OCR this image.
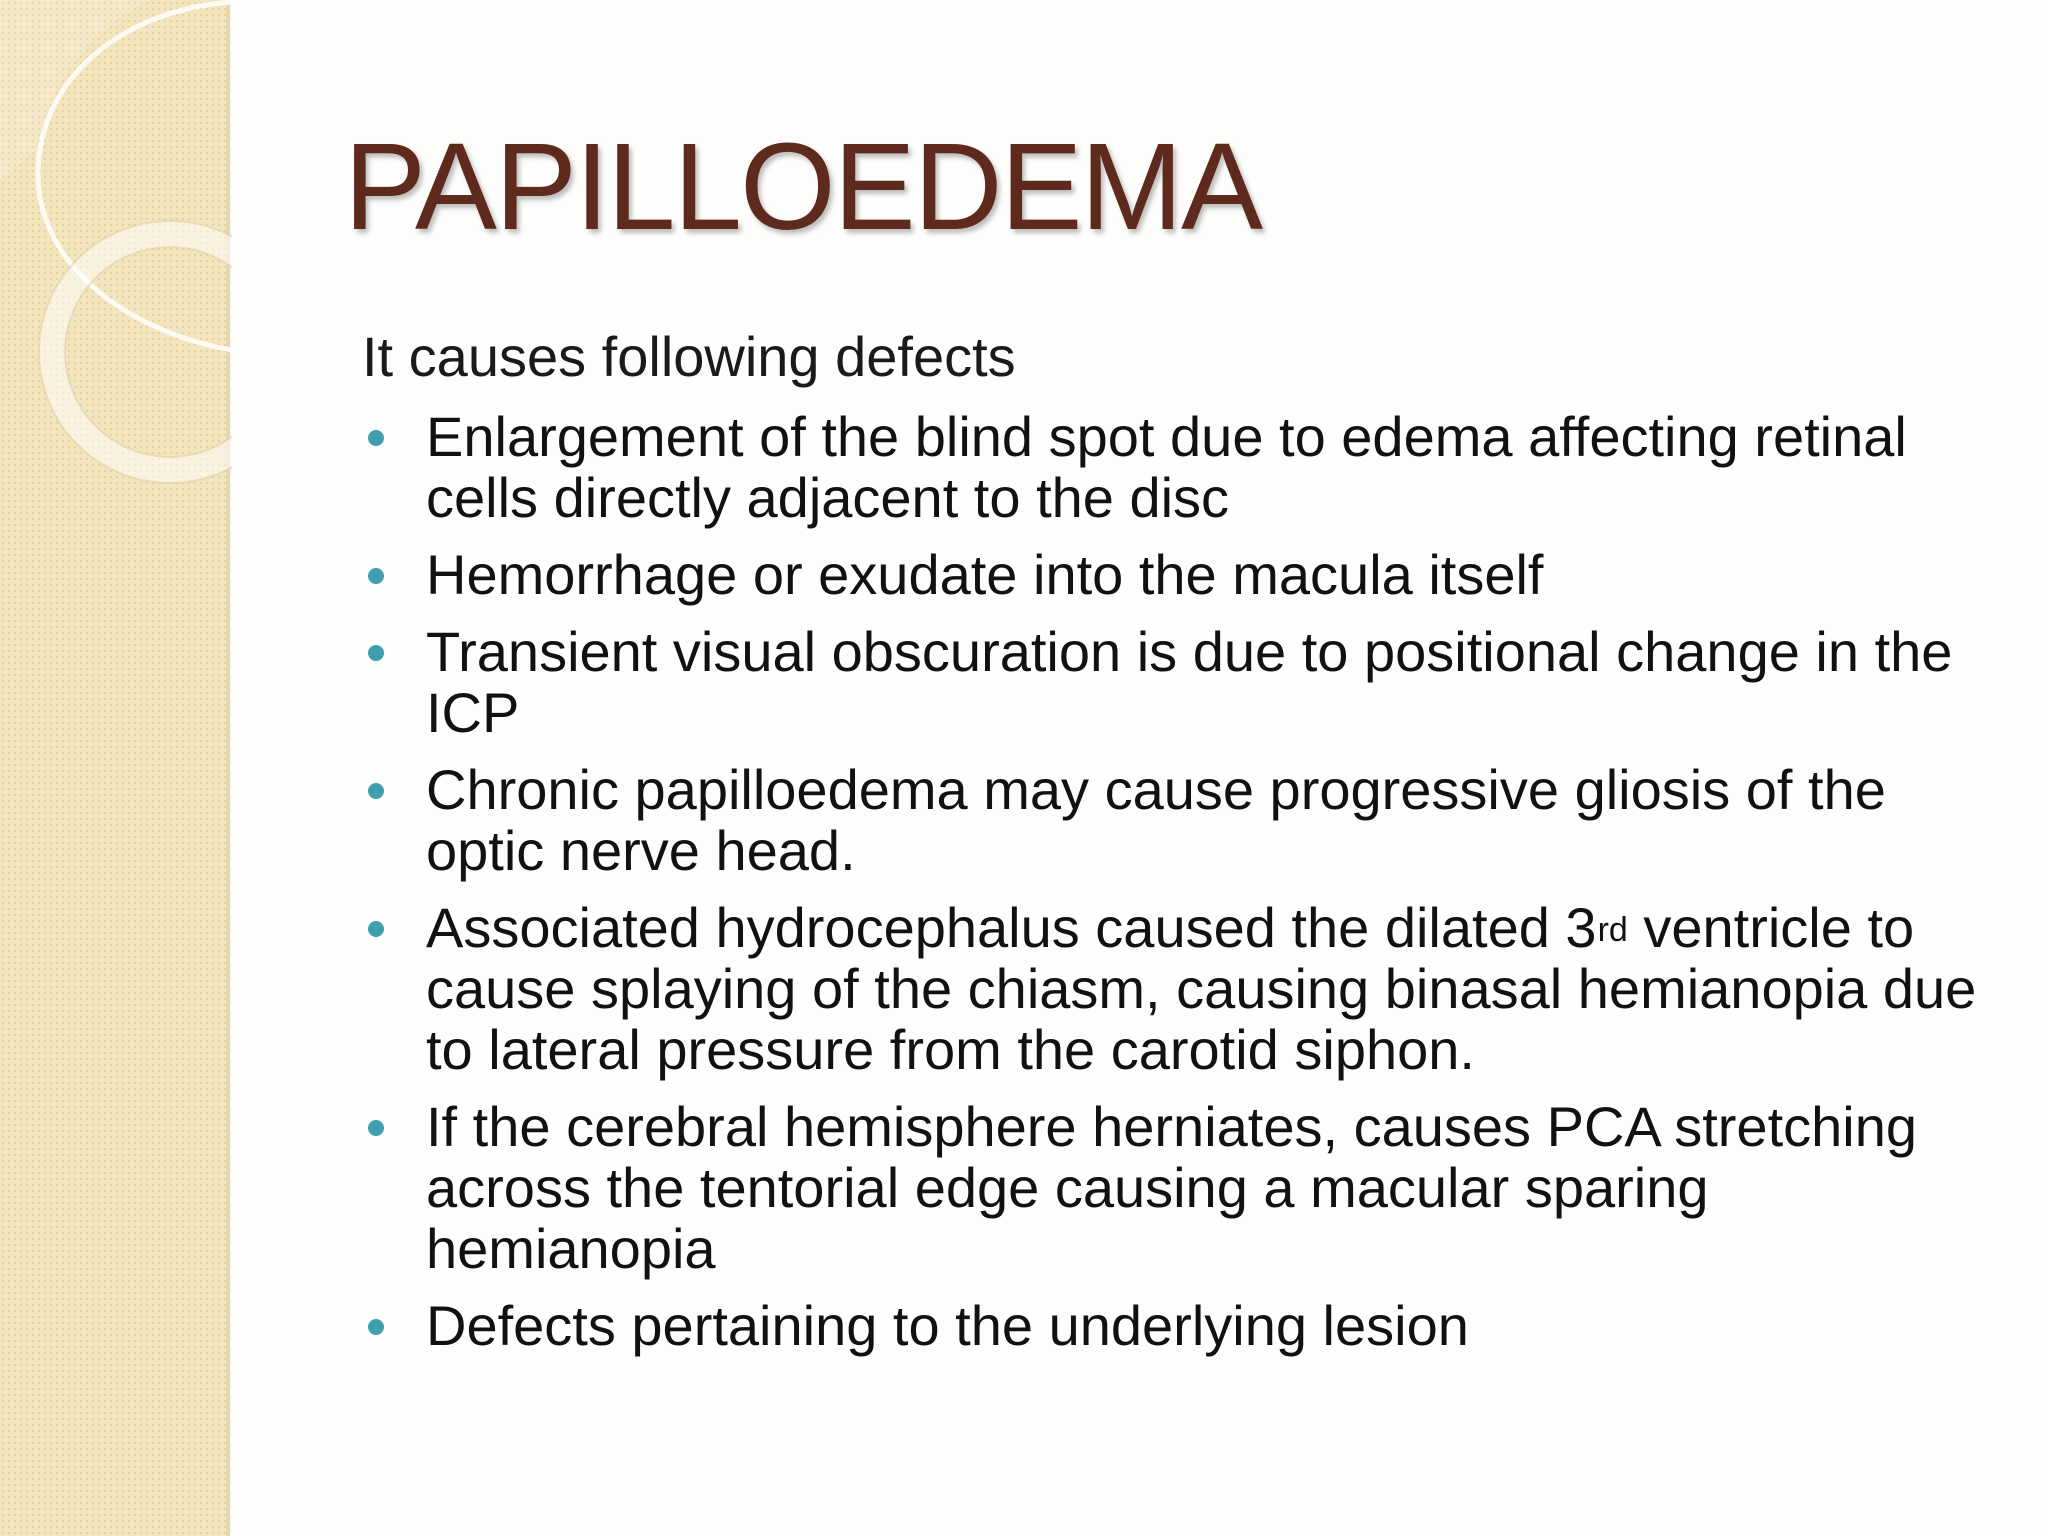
PAPILLOEDEMA

It causes following defects

Enlargement of the blind spot due to edema affecting retinal cells directly adjacent to the disc
Hemorrhage or exudate into the macula itself
Transient visual obscuration is due to positional change in the ICP
Chronic papilloedema may cause progressive gliosis of the optic nerve head.
Associated hydrocephalus caused the dilated 3rd ventricle to cause splaying of the chiasm, causing binasal hemianopia due to lateral pressure from the carotid siphon.
If the cerebral hemisphere herniates, causes PCA stretching across the tentorial edge causing a macular sparing hemianopia
Defects pertaining to the underlying lesion
